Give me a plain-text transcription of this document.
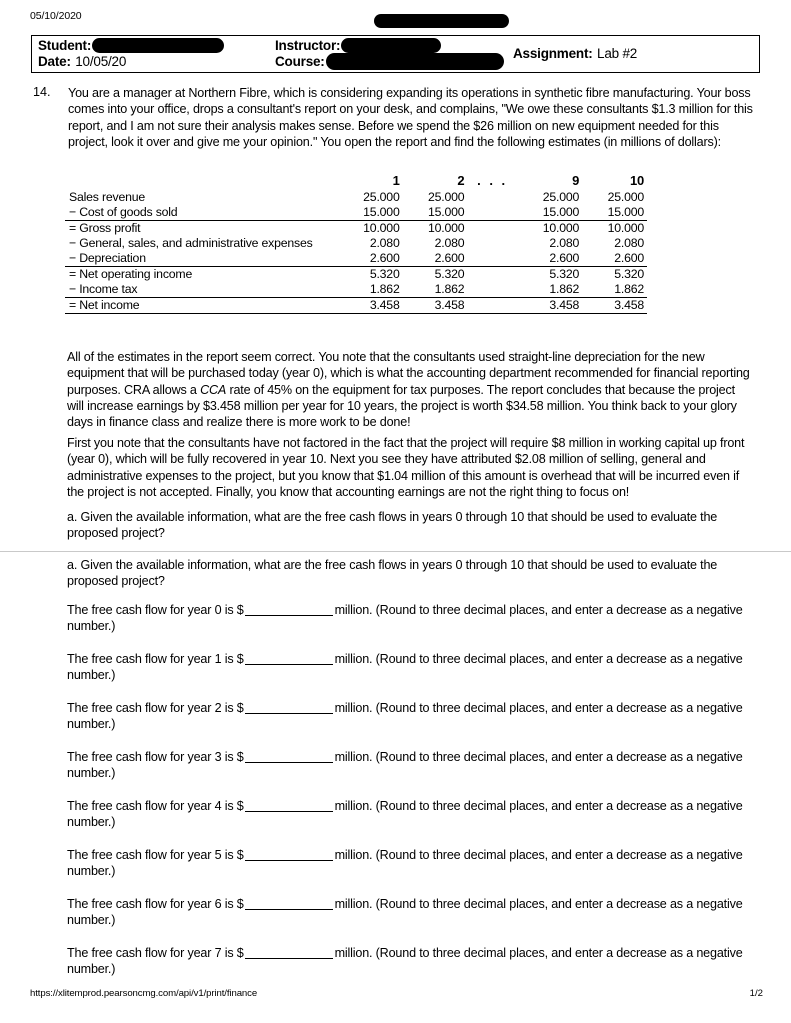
05/10/2020
Student:
Date: 10/05/20
Instructor:
Course:
Assignment: Lab #2
14.	You are a manager at Northern Fibre, which is considering expanding its operations in synthetic fibre manufacturing. Your boss comes into your office, drops a consultant's report on your desk, and complains, "We owe these consultants $1.3 million for this report, and I am not sure their analysis makes sense. Before we spend the $26 million on new equipment needed for this project, look it over and give me your opinion." You open the report and find the following estimates (in millions of dollars):
	1	2	. . .	9	10
Sales revenue	25.000	25.000		25.000	25.000
− Cost of goods sold	15.000	15.000		15.000	15.000
= Gross profit	10.000	10.000		10.000	10.000
− General, sales, and administrative expenses	2.080	2.080		2.080	2.080
− Depreciation	2.600	2.600		2.600	2.600
= Net operating income	5.320	5.320		5.320	5.320
− Income tax	1.862	1.862		1.862	1.862
= Net income	3.458	3.458		3.458	3.458
All of the estimates in the report seem correct. You note that the consultants used straight-line depreciation for the new equipment that will be purchased today (year 0), which is what the accounting department recommended for financial reporting purposes. CRA allows a CCA rate of 45% on the equipment for tax purposes. The report concludes that because the project will increase earnings by $3.458 million per year for 10 years, the project is worth $34.58 million. You think back to your glory days in finance class and realize there is more work to be done!
First you note that the consultants have not factored in the fact that the project will require $8 million in working capital up front (year 0), which will be fully recovered in year 10. Next you see they have attributed $2.08 million of selling, general and administrative expenses to the project, but you know that $1.04 million of this amount is overhead that will be incurred even if the project is not accepted. Finally, you know that accounting earnings are not the right thing to focus on!
a. Given the available information, what are the free cash flows in years 0 through 10 that should be used to evaluate the proposed project?
a. Given the available information, what are the free cash flows in years 0 through 10 that should be used to evaluate the proposed project?
The free cash flow for year 0 is $	million. (Round to three decimal places, and enter a decrease as a negative number.)
The free cash flow for year 1 is $	million. (Round to three decimal places, and enter a decrease as a negative number.)
The free cash flow for year 2 is $	million. (Round to three decimal places, and enter a decrease as a negative number.)
The free cash flow for year 3 is $	million. (Round to three decimal places, and enter a decrease as a negative number.)
The free cash flow for year 4 is $	million. (Round to three decimal places, and enter a decrease as a negative number.)
The free cash flow for year 5 is $	million. (Round to three decimal places, and enter a decrease as a negative number.)
The free cash flow for year 6 is $	million. (Round to three decimal places, and enter a decrease as a negative number.)
The free cash flow for year 7 is $	million. (Round to three decimal places, and enter a decrease as a negative number.)
https://xlitemprod.pearsoncmg.com/api/v1/print/finance	1/2
